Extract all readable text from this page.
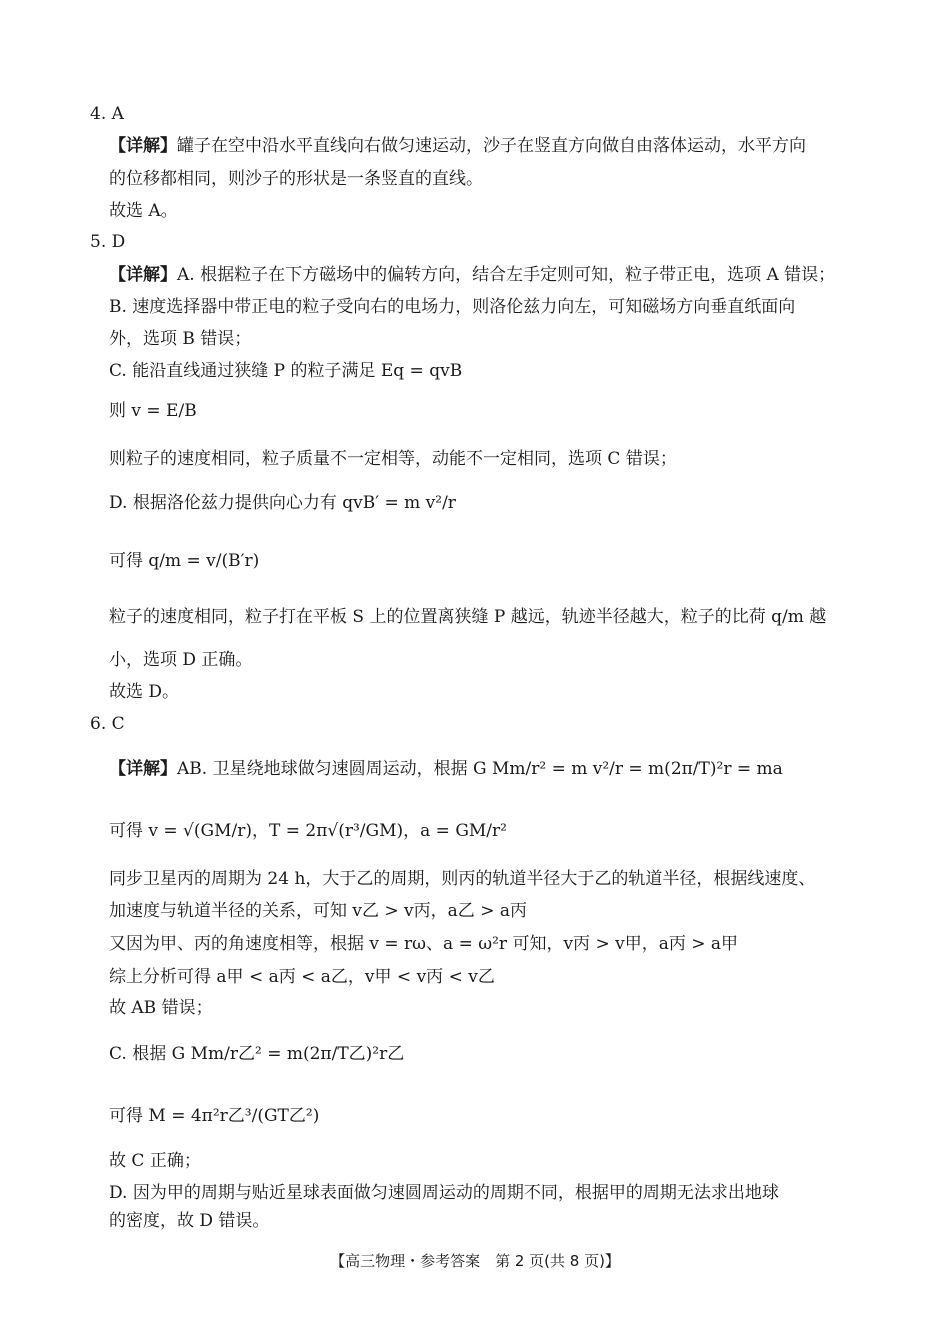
4. A
【详解】罐子在空中沿水平直线向右做匀速运动，沙子在竖直方向做自由落体运动，水平方向
的位移都相同，则沙子的形状是一条竖直的直线。
故选 A。
5. D
【详解】A. 根据粒子在下方磁场中的偏转方向，结合左手定则可知，粒子带正电，选项 A 错误；
B. 速度选择器中带正电的粒子受向右的电场力，则洛伦兹力向左，可知磁场方向垂直纸面向
外，选项 B 错误；
C. 能沿直线通过狭缝 P 的粒子满足 Eq = qvB
则 v = E/B
则粒子的速度相同，粒子质量不一定相等，动能不一定相同，选项 C 错误；
D. 根据洛伦兹力提供向心力有 qvB′ = m v²/r
可得 q/m = v/(B′r)
粒子的速度相同，粒子打在平板 S 上的位置离狭缝 P 越远，轨迹半径越大，粒子的比荷 q/m 越
小，选项 D 正确。
故选 D。
6. C
【详解】AB. 卫星绕地球做匀速圆周运动，根据 G Mm/r² = m v²/r = m(2π/T)²r = ma
可得 v = √(GM/r)，T = 2π√(r³/GM)，a = GM/r²
同步卫星丙的周期为 24 h，大于乙的周期，则丙的轨道半径大于乙的轨道半径，根据线速度、
加速度与轨道半径的关系，可知 v乙 > v丙，a乙 > a丙
又因为甲、丙的角速度相等，根据 v = rω、a = ω²r 可知，v丙 > v甲，a丙 > a甲
综上分析可得 a甲 < a丙 < a乙，v甲 < v丙 < v乙
故 AB 错误；
C. 根据 G Mm/r乙² = m(2π/T乙)²r乙
可得 M = 4π²r乙³/(GT乙²)
故 C 正确；
D. 因为甲的周期与贴近星球表面做匀速圆周运动的周期不同，根据甲的周期无法求出地球
的密度，故 D 错误。
【高三物理・参考答案　第 2 页(共 8 页)】
